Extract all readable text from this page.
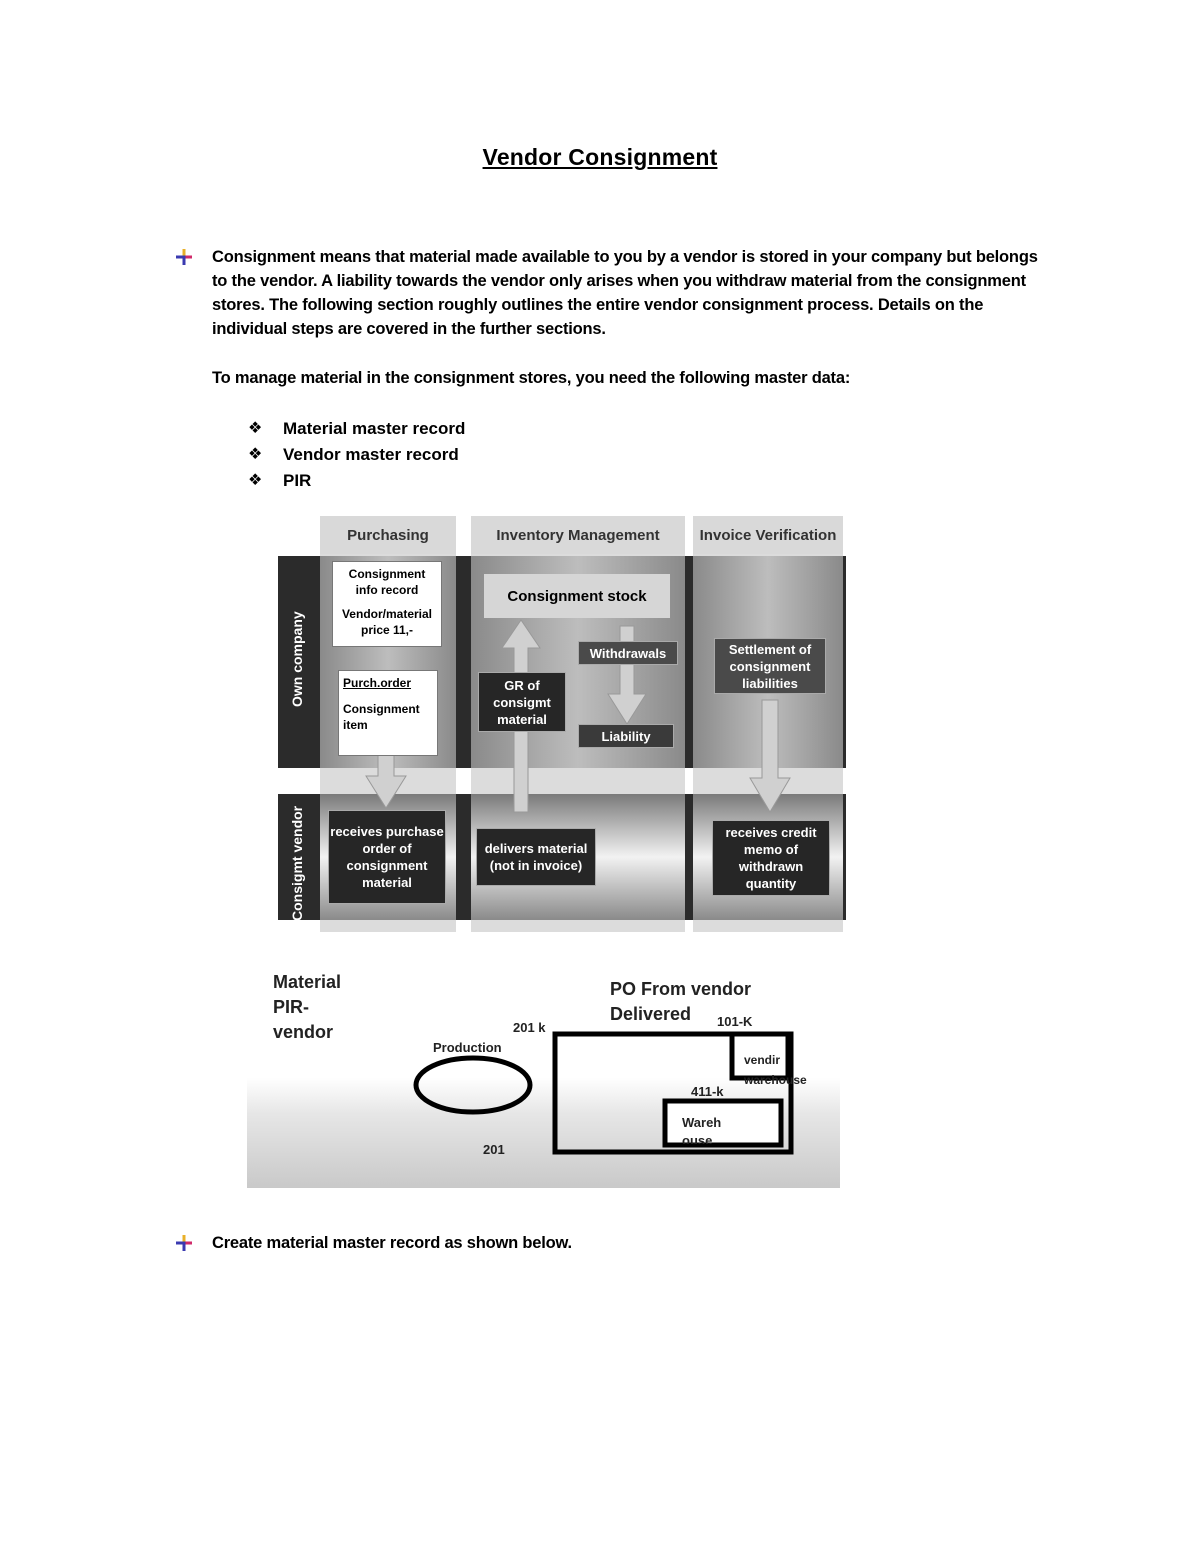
Vendor Consignment
Consignment means that material made available to you by a vendor is stored in your company but belongs to the vendor. A liability towards the vendor only arises when you withdraw material from the consignment stores. The following section roughly outlines the entire vendor consignment process. Details on the individual steps are covered in the further sections.
To manage material in the consignment stores, you need the following master data:
❖ Material master record
❖ Vendor master record
❖ PIR
Purchasing	Inventory Management	Invoice Verification
Own company
Consigmt vendor
Consignment info record
Vendor/material price 11,-
Purch.order
Consignment item
Consignment stock
Withdrawals
GR of consigmt material
Liability
Settlement of consignment liabilities
receives purchase order of consignment material
delivers material (not in invoice)
receives credit memo of withdrawn quantity
Material
PIR-
vendor
PO From vendor
Delivered
Production
201 k
201
101-K
411-k
vendir warehouse
Wareh ouse
Create material master record as shown below.
